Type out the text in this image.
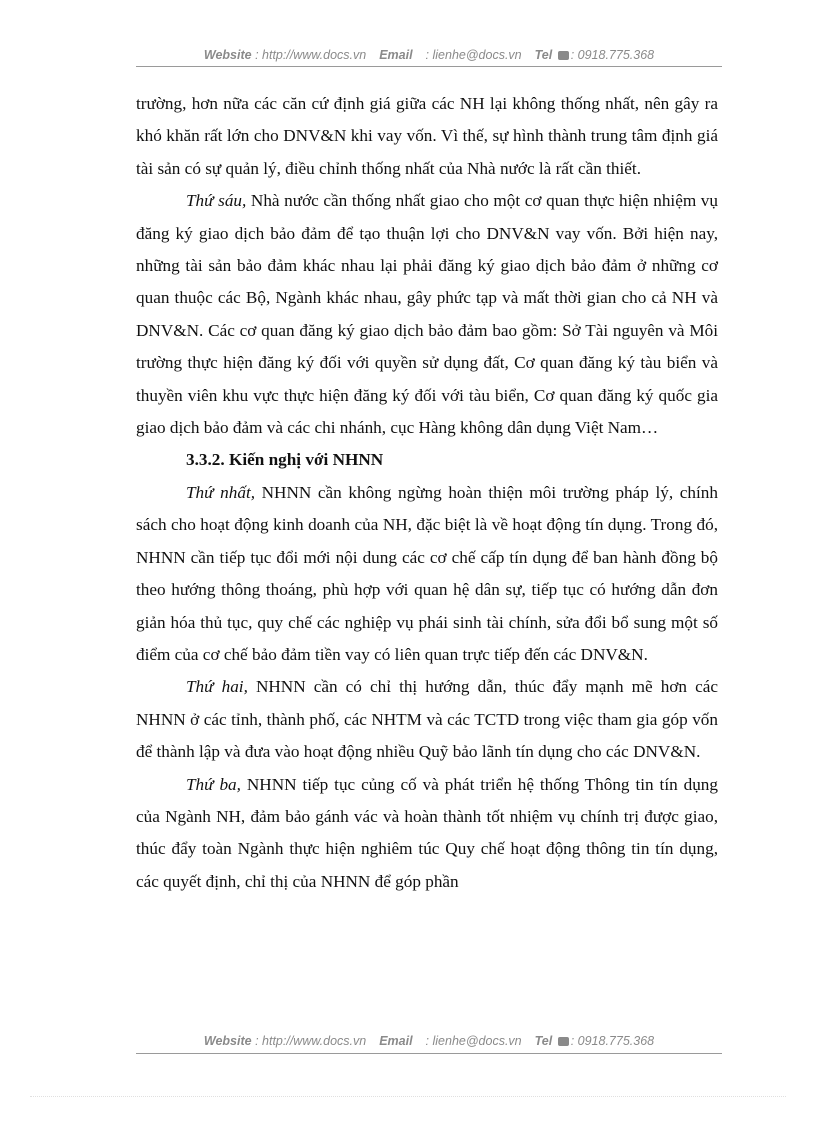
Website : http://www.docs.vn Email : lienhe@docs.vn Tel : 0918.775.368

trường, hơn nữa các căn cứ định giá giữa các NH lại không thống nhất, nên gây ra khó khăn rất lớn cho DNV&N khi vay vốn. Vì thế, sự hình thành trung tâm định giá tài sản có sự quản lý, điều chỉnh thống nhất của Nhà nước là rất cần thiết.

Thứ sáu, Nhà nước cần thống nhất giao cho một cơ quan thực hiện nhiệm vụ đăng ký giao dịch bảo đảm để tạo thuận lợi cho DNV&N vay vốn. Bởi hiện nay, những tài sản bảo đảm khác nhau lại phải đăng ký giao dịch bảo đảm ở những cơ quan thuộc các Bộ, Ngành khác nhau, gây phức tạp và mất thời gian cho cả NH và DNV&N. Các cơ quan đăng ký giao dịch bảo đảm bao gồm: Sở Tài nguyên và Môi trường thực hiện đăng ký đối với quyền sử dụng đất, Cơ quan đăng ký tàu biển và thuyền viên khu vực thực hiện đăng ký đối với tàu biển, Cơ quan đăng ký quốc gia giao dịch bảo đảm và các chi nhánh, cục Hàng không dân dụng Việt Nam…

3.3.2. Kiến nghị với NHNN

Thứ nhất, NHNN cần không ngừng hoàn thiện môi trường pháp lý, chính sách cho hoạt động kinh doanh của NH, đặc biệt là về hoạt động tín dụng. Trong đó, NHNN cần tiếp tục đổi mới nội dung các cơ chế cấp tín dụng để ban hành đồng bộ theo hướng thông thoáng, phù hợp với quan hệ dân sự, tiếp tục có hướng dẫn đơn giản hóa thủ tục, quy chế các nghiệp vụ phái sinh tài chính, sửa đổi bổ sung một số điểm của cơ chế bảo đảm tiền vay có liên quan trực tiếp đến các DNV&N.

Thứ hai, NHNN cần có chỉ thị hướng dẫn, thúc đẩy mạnh mẽ hơn các NHNN ở các tỉnh, thành phố, các NHTM và các TCTD trong việc tham gia góp vốn để thành lập và đưa vào hoạt động nhiều Quỹ bảo lãnh tín dụng cho các DNV&N.

Thứ ba, NHNN tiếp tục củng cố và phát triển hệ thống Thông tin tín dụng của Ngành NH, đảm bảo gánh vác và hoàn thành tốt nhiệm vụ chính trị được giao, thúc đẩy toàn Ngành thực hiện nghiêm túc Quy chế hoạt động thông tin tín dụng, các quyết định, chỉ thị của NHNN để góp phần

Website : http://www.docs.vn Email : lienhe@docs.vn Tel : 0918.775.368
